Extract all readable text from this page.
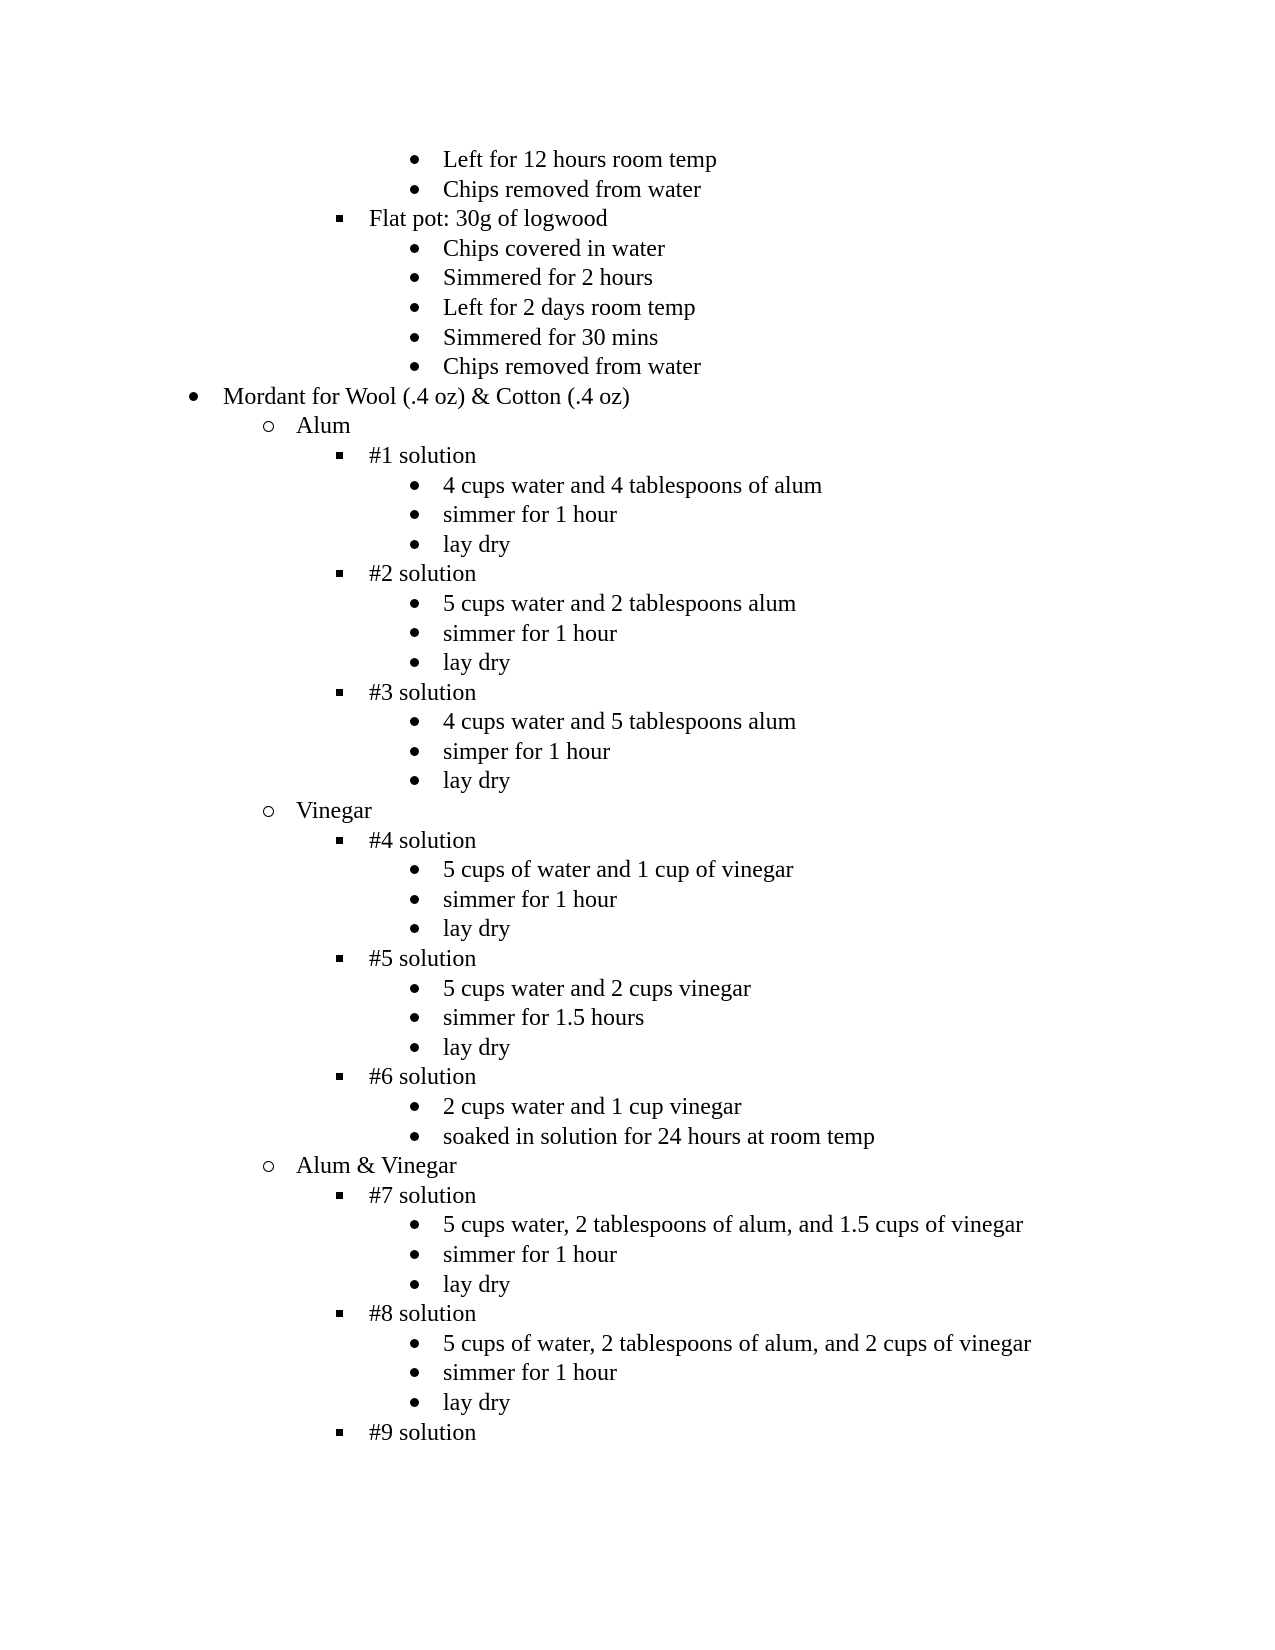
Left for 12 hours room temp
Chips removed from water
Flat pot: 30g of logwood
Chips covered in water
Simmered for 2 hours
Left for 2 days room temp
Simmered for 30 mins
Chips removed from water
Mordant for Wool (.4 oz) & Cotton (.4 oz)
Alum
#1 solution
4 cups water and 4 tablespoons of alum
simmer for 1 hour
lay dry
#2 solution
5 cups water and 2 tablespoons alum
simmer for 1 hour
lay dry
#3 solution
4 cups water and 5 tablespoons alum
simper for 1 hour
lay dry
Vinegar
#4 solution
5 cups of water and 1 cup of vinegar
simmer for 1 hour
lay dry
#5 solution
5 cups water and 2 cups vinegar
simmer for 1.5 hours
lay dry
#6 solution
2 cups water and 1 cup vinegar
soaked in solution for 24 hours at room temp
Alum & Vinegar
#7 solution
5 cups water, 2 tablespoons of alum, and 1.5 cups of vinegar
simmer for 1 hour
lay dry
#8 solution
5 cups of water, 2 tablespoons of alum, and 2 cups of vinegar
simmer for 1 hour
lay dry
#9 solution
